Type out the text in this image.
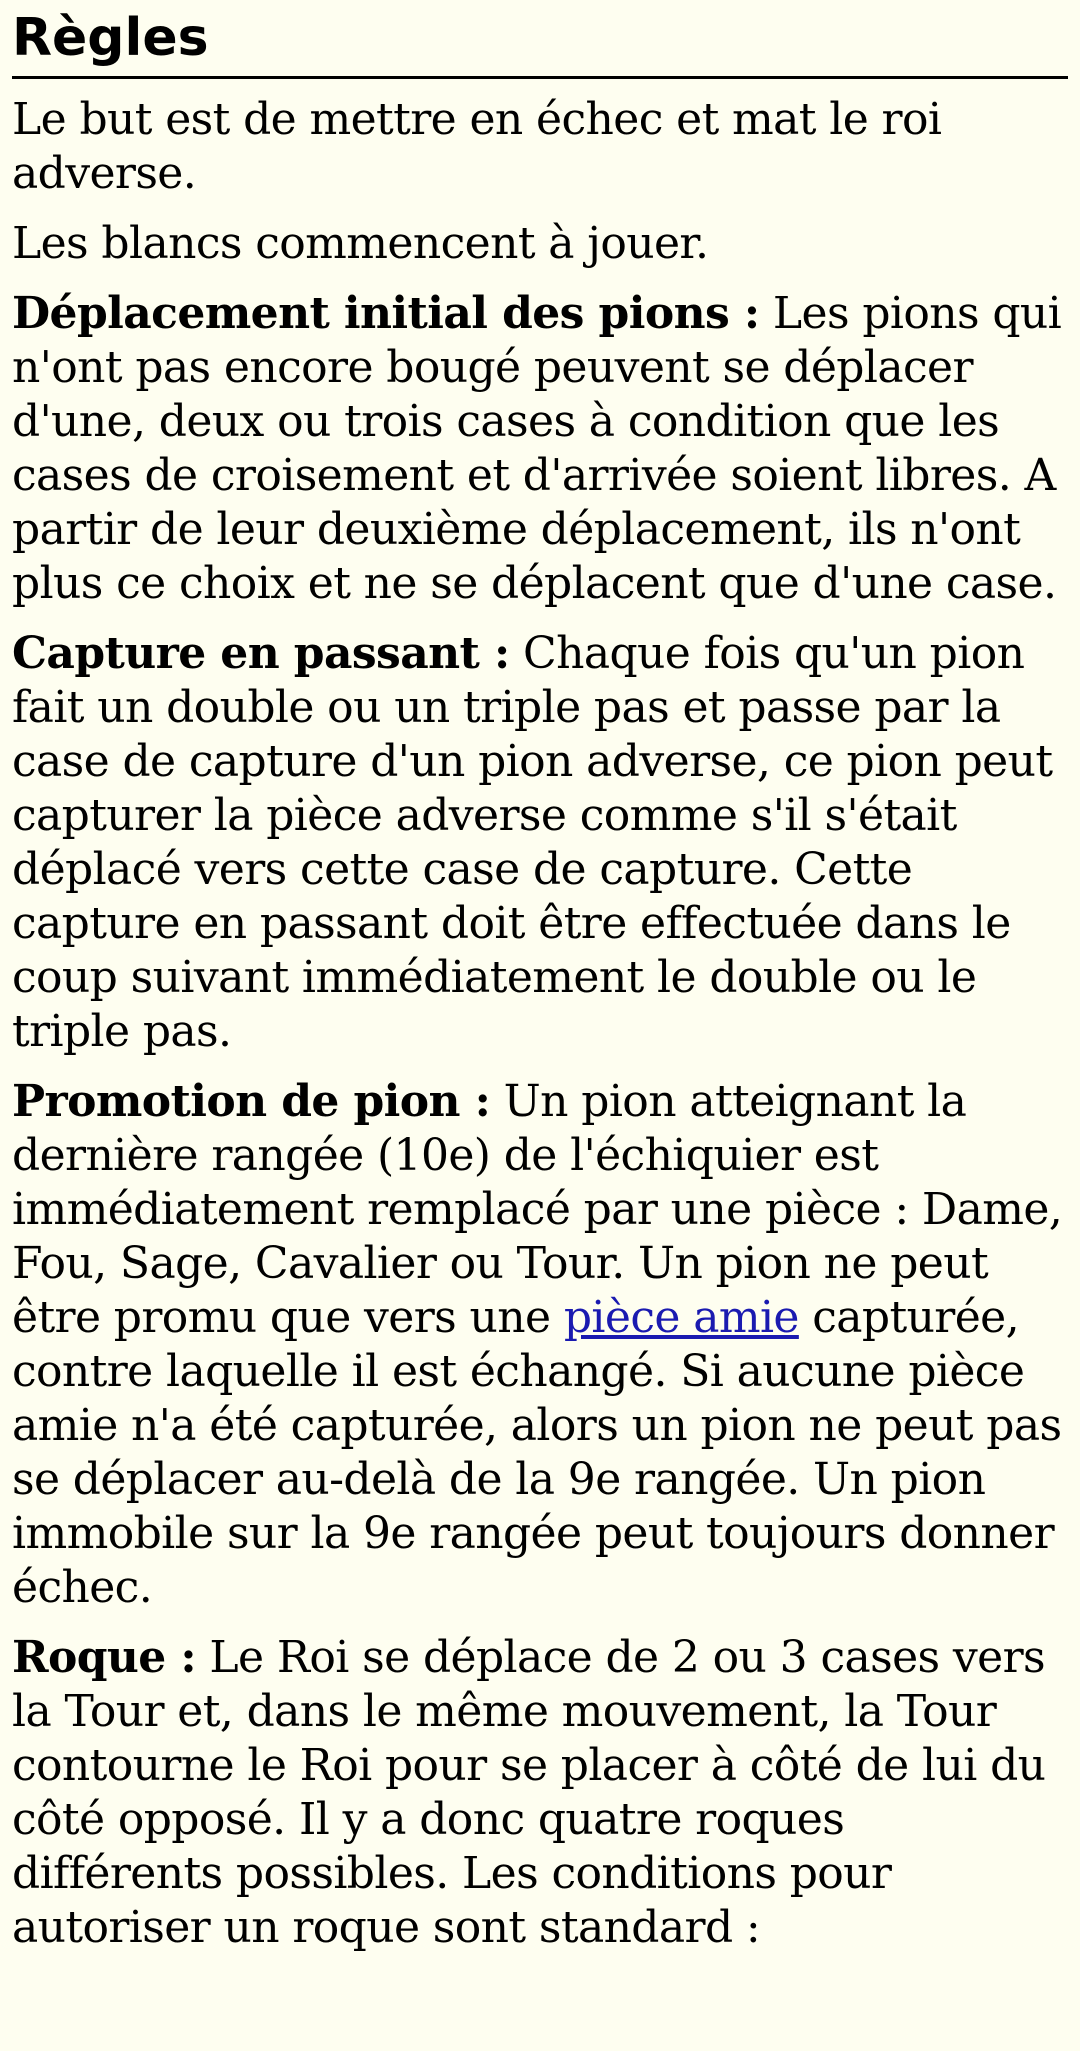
Règles

Le but est de mettre en échec et mat le roi adverse.

Les blancs commencent à jouer.

Déplacement initial des pions : Les pions qui n'ont pas encore bougé peuvent se déplacer d'une, deux ou trois cases à condition que les cases de croisement et d'arrivée soient libres. A partir de leur deuxième déplacement, ils n'ont plus ce choix et ne se déplacent que d'une case.

Capture en passant : Chaque fois qu'un pion fait un double ou un triple pas et passe par la case de capture d'un pion adverse, ce pion peut capturer la pièce adverse comme s'il s'était déplacé vers cette case de capture. Cette capture en passant doit être effectuée dans le coup suivant immédiatement le double ou le triple pas.

Promotion de pion : Un pion atteignant la dernière rangée (10e) de l'échiquier est immédiatement remplacé par une pièce : Dame, Fou, Sage, Cavalier ou Tour. Un pion ne peut être promu que vers une pièce amie capturée, contre laquelle il est échangé. Si aucune pièce amie n'a été capturée, alors un pion ne peut pas se déplacer au-delà de la 9e rangée. Un pion immobile sur la 9e rangée peut toujours donner échec.

Roque : Le Roi se déplace de 2 ou 3 cases vers la Tour et, dans le même mouvement, la Tour contourne le Roi pour se placer à côté de lui du côté opposé. Il y a donc quatre roques différents possibles. Les conditions pour autoriser un roque sont standard :
